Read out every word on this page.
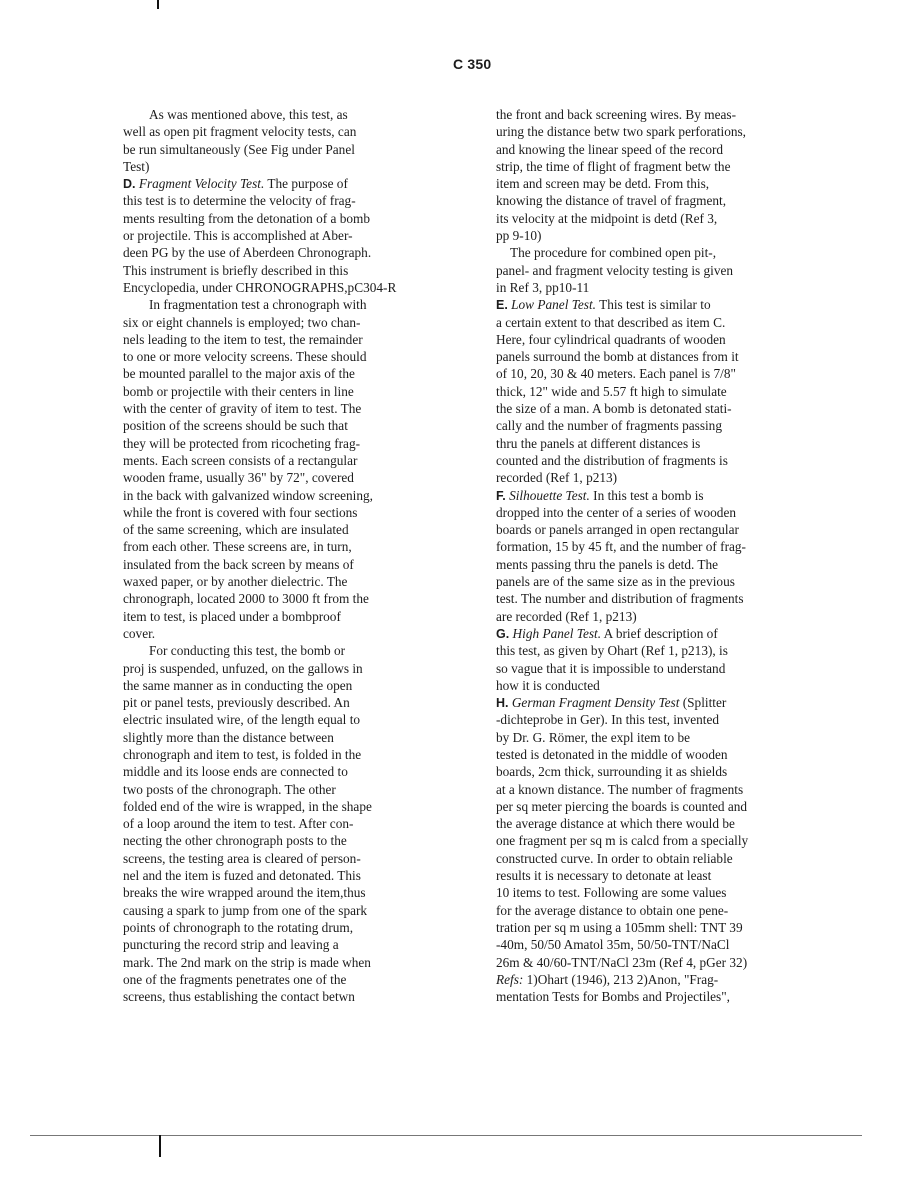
C 350
As was mentioned above, this test, as
well as open pit fragment velocity tests, can
be run simultaneously (See Fig under Panel
Test)
D. Fragment Velocity Test. The purpose of
this test is to determine the velocity of frag-
ments resulting from the detonation of a bomb
or projectile. This is accomplished at Aber-
deen PG by the use of Aberdeen Chronograph.
This instrument is briefly described in this
Encyclopedia, under CHRONOGRAPHS,pC304-R
In fragmentation test a chronograph with
six or eight channels is employed; two chan-
nels leading to the item to test, the remainder
to one or more velocity screens. These should
be mounted parallel to the major axis of the
bomb or projectile with their centers in line
with the center of gravity of item to test. The
position of the screens should be such that
they will be protected from ricocheting frag-
ments. Each screen consists of a rectangular
wooden frame, usually 36" by 72", covered
in the back with galvanized window screening,
while the front is covered with four sections
of the same screening, which are insulated
from each other. These screens are, in turn,
insulated from the back screen by means of
waxed paper, or by another dielectric. The
chronograph, located 2000 to 3000 ft from the
item to test, is placed under a bombproof
cover.
For conducting this test, the bomb or
proj is suspended, unfuzed, on the gallows in
the same manner as in conducting the open
pit or panel tests, previously described. An
electric insulated wire, of the length equal to
slightly more than the distance between
chronograph and item to test, is folded in the
middle and its loose ends are connected to
two posts of the chronograph. The other
folded end of the wire is wrapped, in the shape
of a loop around the item to test. After con-
necting the other chronograph posts to the
screens, the testing area is cleared of person-
nel and the item is fuzed and detonated. This
breaks the wire wrapped around the item,thus
causing a spark to jump from one of the spark
points of chronograph to the rotating drum,
puncturing the record strip and leaving a
mark. The 2nd mark on the strip is made when
one of the fragments penetrates one of the
screens, thus establishing the contact betwn
the front and back screening wires. By meas-
uring the distance betw two spark perforations,
and knowing the linear speed of the record
strip, the time of flight of fragment betw the
item and screen may be detd. From this,
knowing the distance of travel of fragment,
its velocity at the midpoint is detd (Ref 3,
pp 9-10)
The procedure for combined open pit-,
panel- and fragment velocity testing is given
in Ref 3, pp10-11
E. Low Panel Test. This test is similar to
a certain extent to that described as item C.
Here, four cylindrical quadrants of wooden
panels surround the bomb at distances from it
of 10, 20, 30 & 40 meters. Each panel is 7/8"
thick, 12" wide and 5.57 ft high to simulate
the size of a man. A bomb is detonated stati-
cally and the number of fragments passing
thru the panels at different distances is
counted and the distribution of fragments is
recorded (Ref 1, p213)
F. Silhouette Test. In this test a bomb is
dropped into the center of a series of wooden
boards or panels arranged in open rectangular
formation, 15 by 45 ft, and the number of frag-
ments passing thru the panels is detd. The
panels are of the same size as in the previous
test. The number and distribution of fragments
are recorded (Ref 1, p213)
G. High Panel Test. A brief description of
this test, as given by Ohart (Ref 1, p213), is
so vague that it is impossible to understand
how it is conducted
H. German Fragment Density Test (Splitter
-dichteprobe in Ger). In this test, invented
by Dr. G. Römer, the expl item to be
tested is detonated in the middle of wooden
boards, 2cm thick, surrounding it as shields
at a known distance. The number of fragments
per sq meter piercing the boards is counted and
the average distance at which there would be
one fragment per sq m is calcd from a specially
constructed curve. In order to obtain reliable
results it is necessary to detonate at least
10 items to test. Following are some values
for the average distance to obtain one pene-
tration per sq m using a 105mm shell: TNT 39
-40m, 50/50 Amatol 35m, 50/50-TNT/NaCl
26m & 40/60-TNT/NaCl 23m (Ref 4, pGer 32)
Refs: 1)Ohart (1946), 213 2)Anon, "Frag-
mentation Tests for Bombs and Projectiles",
